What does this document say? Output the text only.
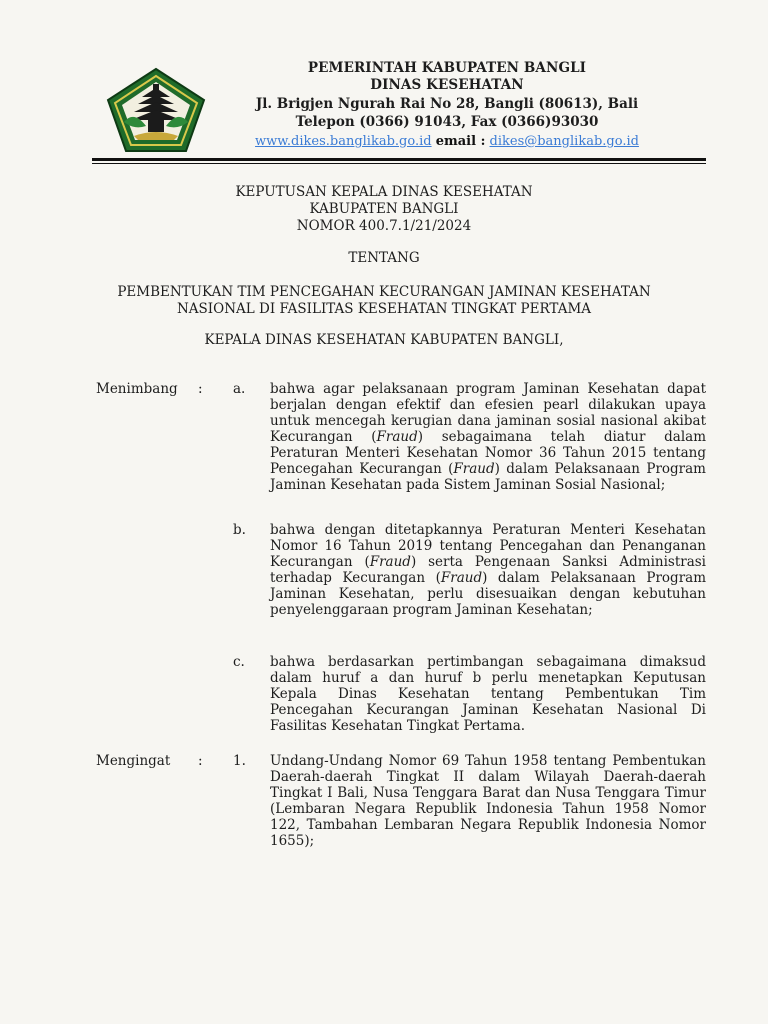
PEMERINTAH KABUPATEN BANGLI
DINAS KESEHATAN
Jl. Brigjen Ngurah Rai No 28, Bangli (80613), Bali
Telepon (0366) 91043, Fax (0366)93030
www.dikes.banglikab.go.id email : dikes@banglikab.go.id
KEPUTUSAN KEPALA DINAS KESEHATAN
KABUPATEN BANGLI
NOMOR 400.7.1/21/2024
TENTANG
PEMBENTUKAN TIM PENCEGAHAN KECURANGAN JAMINAN KESEHATAN
NASIONAL DI FASILITAS KESEHATAN TINGKAT PERTAMA
KEPALA DINAS KESEHATAN KABUPATEN BANGLI,
Menimbang : a. bahwa agar pelaksanaan program Jaminan Kesehatan dapat berjalan dengan efektif dan efesien pearl dilakukan upaya untuk mencegah kerugian dana jaminan sosial nasional akibat Kecurangan (Fraud) sebagaimana telah diatur dalam Peraturan Menteri Kesehatan Nomor 36 Tahun 2015 tentang Pencegahan Kecurangan (Fraud) dalam Pelaksanaan Program Jaminan Kesehatan pada Sistem Jaminan Sosial Nasional;
b. bahwa dengan ditetapkannya Peraturan Menteri Kesehatan Nomor 16 Tahun 2019 tentang Pencegahan dan Penanganan Kecurangan (Fraud) serta Pengenaan Sanksi Administrasi terhadap Kecurangan (Fraud) dalam Pelaksanaan Program Jaminan Kesehatan, perlu disesuaikan dengan kebutuhan penyelenggaraan program Jaminan Kesehatan;
c. bahwa berdasarkan pertimbangan sebagaimana dimaksud dalam huruf a dan huruf b perlu menetapkan Keputusan Kepala Dinas Kesehatan tentang Pembentukan Tim Pencegahan Kecurangan Jaminan Kesehatan Nasional Di Fasilitas Kesehatan Tingkat Pertama.
Mengingat : 1. Undang-Undang Nomor 69 Tahun 1958 tentang Pembentukan Daerah-daerah Tingkat II dalam Wilayah Daerah-daerah Tingkat I Bali, Nusa Tenggara Barat dan Nusa Tenggara Timur (Lembaran Negara Republik Indonesia Tahun 1958 Nomor 122, Tambahan Lembaran Negara Republik Indonesia Nomor 1655);
